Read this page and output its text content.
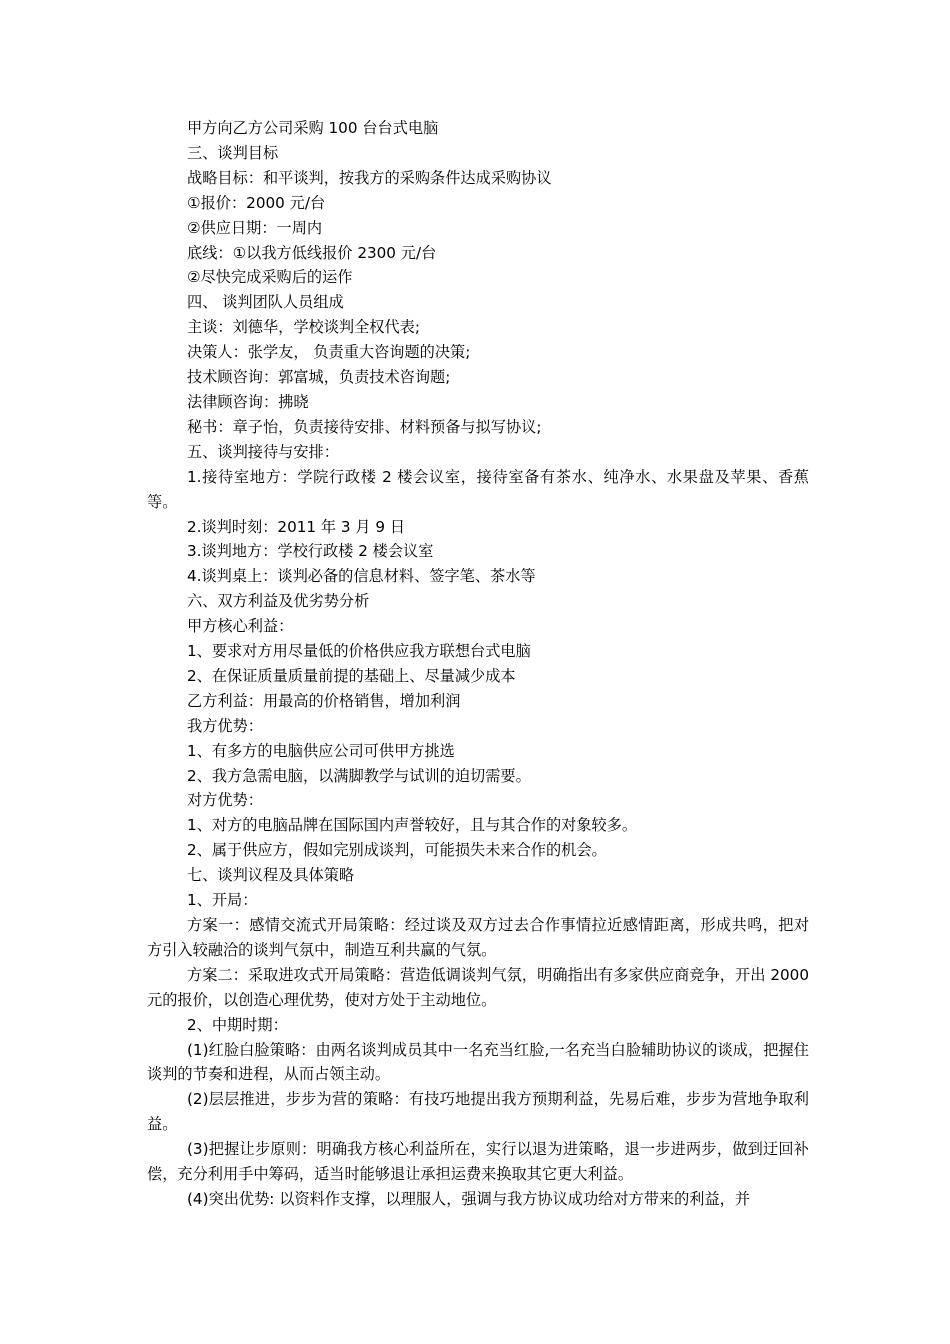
甲方向乙方公司采购 100 台台式电脑

三、谈判目标

战略目标：和平谈判，按我方的采购条件达成采购协议

①报价：2000 元/台

②供应日期：一周内

底线：①以我方低线报价 2300 元/台

②尽快完成采购后的运作

四、 谈判团队人员组成

主谈：刘德华，学校谈判全权代表;

决策人：张学友， 负责重大咨询题的决策;

技术顾咨询：郭富城，负责技术咨询题;

法律顾咨询：拂晓

秘书：章子怡，负责接待安排、材料预备与拟写协议;

五、谈判接待与安排：

1.接待室地方：学院行政楼 2 楼会议室，接待室备有茶水、纯净水、水果盘及苹果、香蕉等。

2.谈判时刻：2011 年 3 月 9 日

3.谈判地方：学校行政楼 2 楼会议室

4.谈判桌上：谈判必备的信息材料、签字笔、茶水等

六、双方利益及优劣势分析

甲方核心利益：

1、要求对方用尽量低的价格供应我方联想台式电脑

2、在保证质量质量前提的基础上、尽量减少成本

乙方利益：用最高的价格销售，增加利润

我方优势：

1、有多方的电脑供应公司可供甲方挑选

2、我方急需电脑，以满脚教学与试训的迫切需要。

对方优势：

1、对方的电脑品牌在国际国内声誉较好，且与其合作的对象较多。

2、属于供应方，假如完别成谈判，可能损失未来合作的机会。

七、谈判议程及具体策略

1、开局：

方案一：感情交流式开局策略：经过谈及双方过去合作事情拉近感情距离，形成共鸣，把对方引入较融洽的谈判气氛中，制造互利共赢的气氛。

方案二：采取进攻式开局策略：营造低调谈判气氛，明确指出有多家供应商竞争，开出 2000 元的报价，以创造心理优势，使对方处于主动地位。

2、中期时期：

(1)红脸白脸策略：由两名谈判成员其中一名充当红脸,一名充当白脸辅助协议的谈成，把握住谈判的节奏和进程，从而占领主动。

(2)层层推进，步步为营的策略：有技巧地提出我方预期利益，先易后难，步步为营地争取利益。

(3)把握让步原则：明确我方核心利益所在，实行以退为进策略，退一步进两步，做到迂回补偿，充分利用手中筹码，适当时能够退让承担运费来换取其它更大利益。

(4)突出优势: 以资料作支撑，以理服人，强调与我方协议成功给对方带来的利益，并
